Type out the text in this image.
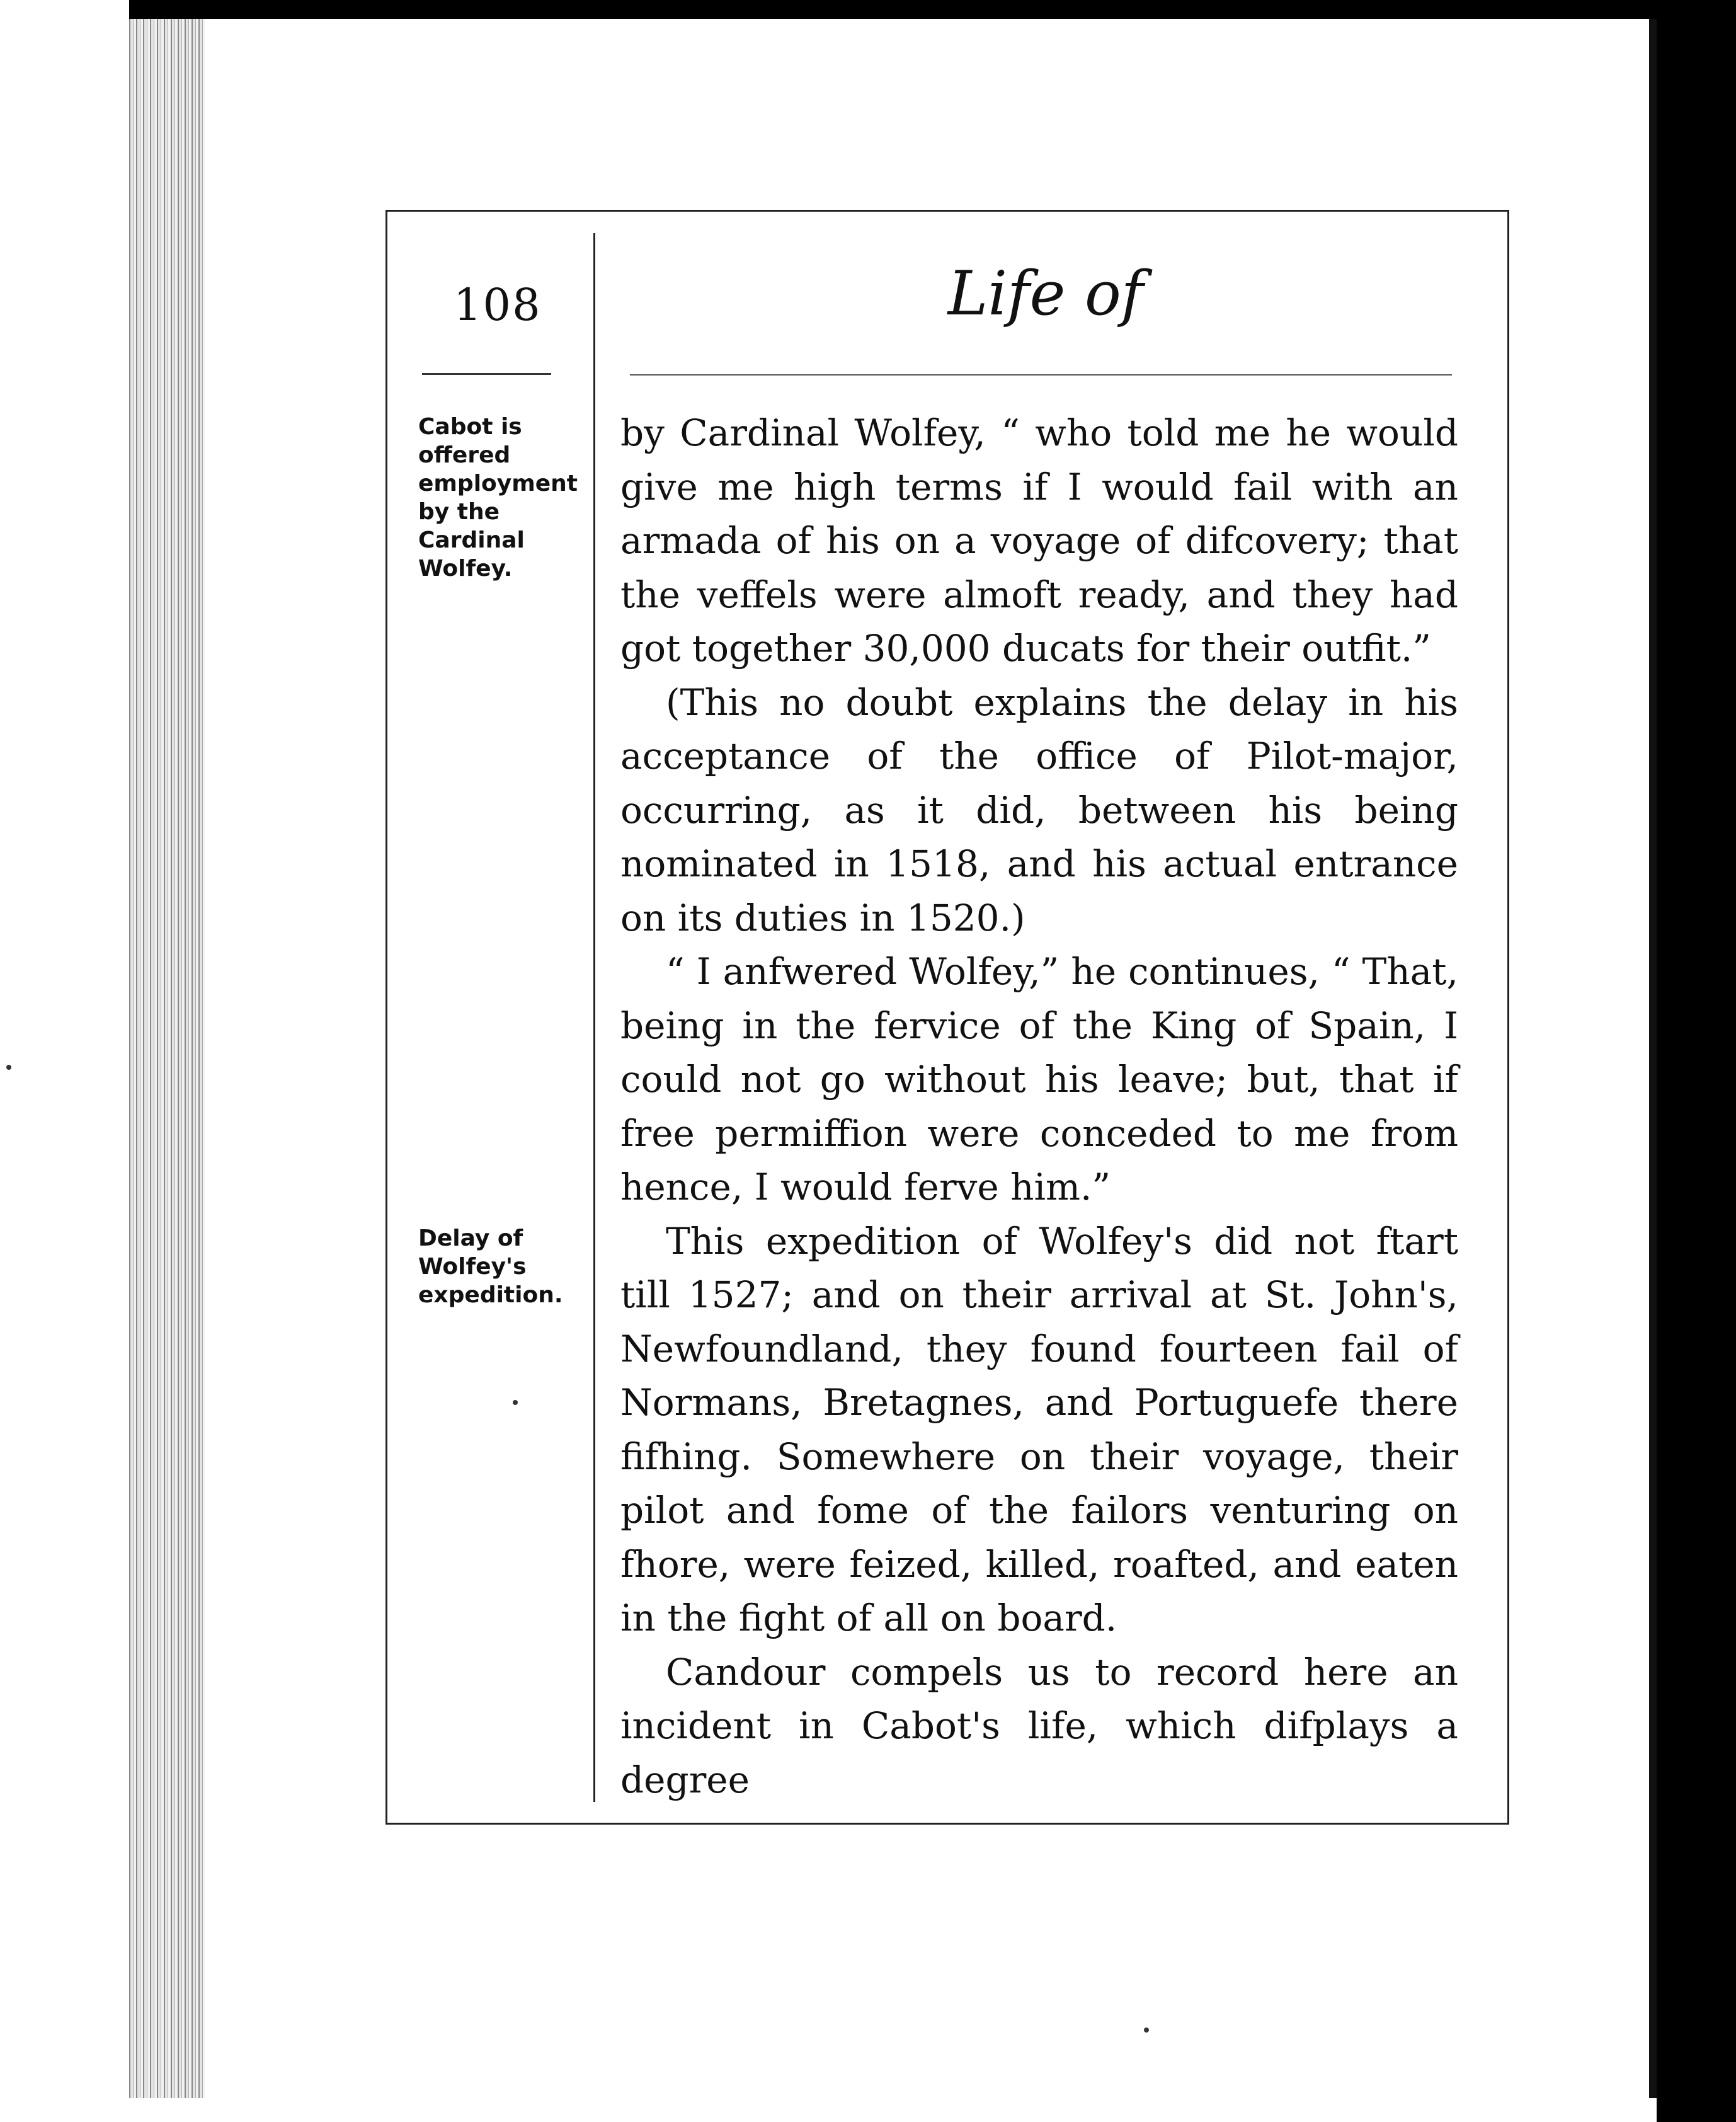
108	Life of
Cabot is offered employment by the Cardinal Wolfey.
Delay of Wolfey's expedition.

by Cardinal Wolfey, “ who told me he would give me high terms if I would fail with an armada of his on a voyage of difcovery; that the veffels were almoft ready, and they had got together 30,000 ducats for their outfit.”

(This no doubt explains the delay in his acceptance of the office of Pilot-major, occurring, as it did, between his being nominated in 1518, and his actual entrance on its duties in 1520.)

“ I anfwered Wolfey,” he continues, “ That, being in the fervice of the King of Spain, I could not go without his leave; but, that if free permiffion were conceded to me from hence, I would ferve him.”

This expedition of Wolfey's did not ftart till 1527; and on their arrival at St. John's, Newfoundland, they found fourteen fail of Normans, Bretagnes, and Portuguefe there fifhing. Somewhere on their voyage, their pilot and fome of the failors venturing on fhore, were feized, killed, roafted, and eaten in the fight of all on board.

Candour compels us to record here an incident in Cabot's life, which difplays a degree
